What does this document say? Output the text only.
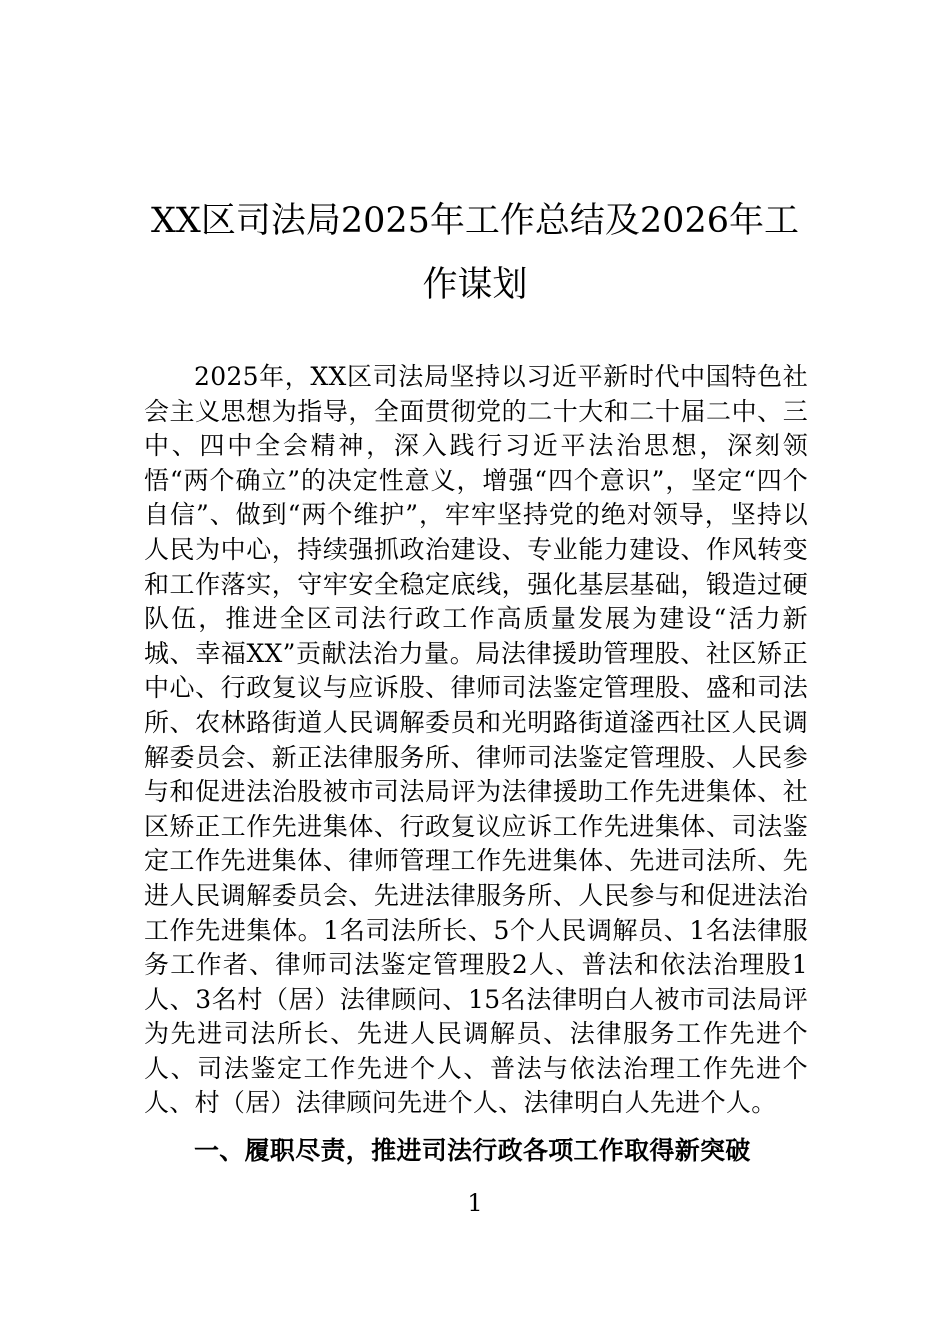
XX区司法局2025年工作总结及2026年工作谋划

2025年，XX区司法局坚持以习近平新时代中国特色社会主义思想为指导，全面贯彻党的二十大和二十届二中、三中、四中全会精神，深入践行习近平法治思想，深刻领悟“两个确立”的决定性意义，增强“四个意识”，坚定“四个自信”、做到“两个维护”，牢牢坚持党的绝对领导，坚持以人民为中心，持续强抓政治建设、专业能力建设、作风转变和工作落实，守牢安全稳定底线，强化基层基础，锻造过硬队伍，推进全区司法行政工作高质量发展为建设“活力新城、幸福XX”贡献法治力量。局法律援助管理股、社区矫正中心、行政复议与应诉股、律师司法鉴定管理股、盛和司法所、农林路街道人民调解委员和光明路街道滏西社区人民调解委员会、新正法律服务所、律师司法鉴定管理股、人民参与和促进法治股被市司法局评为法律援助工作先进集体、社区矫正工作先进集体、行政复议应诉工作先进集体、司法鉴定工作先进集体、律师管理工作先进集体、先进司法所、先进人民调解委员会、先进法律服务所、人民参与和促进法治工作先进集体。1名司法所长、5个人民调解员、1名法律服务工作者、律师司法鉴定管理股2人、普法和依法治理股1人、3名村（居）法律顾问、15名法律明白人被市司法局评为先进司法所长、先进人民调解员、法律服务工作先进个人、司法鉴定工作先进个人、普法与依法治理工作先进个人、村（居）法律顾问先进个人、法律明白人先进个人。

一、履职尽责，推进司法行政各项工作取得新突破
1
